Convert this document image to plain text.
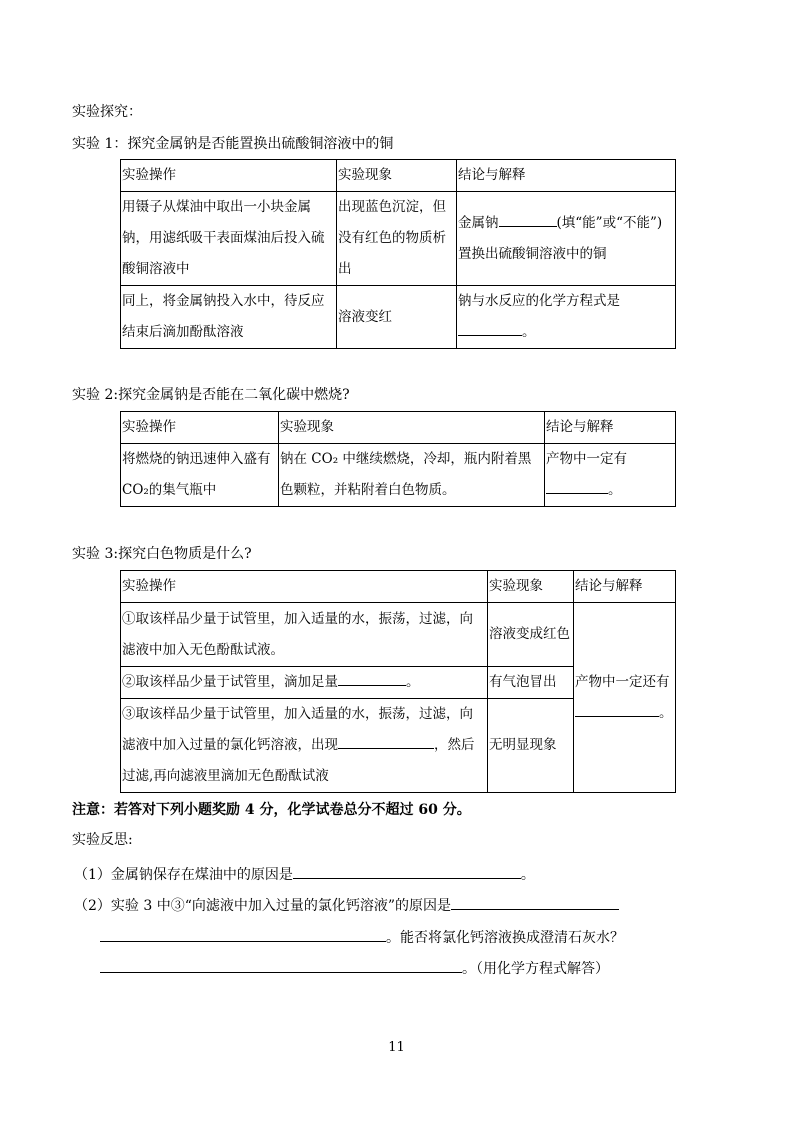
实验探究：
实验 1：探究金属钠是否能置换出硫酸铜溶液中的铜
实验操作	实验现象	结论与解释
用镊子从煤油中取出一小块金属钠，用滤纸吸干表面煤油后投入硫酸铜溶液中	出现蓝色沉淀，但没有红色的物质析出	金属钠 (填“能”或“不能”)
置换出硫酸铜溶液中的铜
同上，将金属钠投入水中，待反应结束后滴加酚酞溶液	溶液变红	钠与水反应的化学方程式是
。
实验 2:探究金属钠是否能在二氧化碳中燃烧?
实验操作	实验现象	结论与解释
将燃烧的钠迅速伸入盛有CO₂的集气瓶中	钠在 CO₂ 中继续燃烧，冷却，瓶内附着黑色颗粒，并粘附着白色物质。	产物中一定有
。
实验 3:探究白色物质是什么?
实验操作	实验现象	结论与解释
①取该样品少量于试管里，加入适量的水，振荡，过滤，向滤液中加入无色酚酞试液。	溶液变成红色	产物中一定还有
。
②取该样品少量于试管里，滴加足量 。	有气泡冒出	
③取该样品少量于试管里，加入适量的水，振荡，过滤，向滤液中加入过量的氯化钙溶液，出现 ，然后过滤,再向滤液里滴加无色酚酞试液	无明显现象	
注意：若答对下列小题奖励 4 分，化学试卷总分不超过 60 分。
实验反思:
（1）金属钠保存在煤油中的原因是	。
（2）实验 3 中③“向滤液中加入过量的氯化钙溶液”的原因是
。能否将氯化钙溶液换成澄清石灰水？
。（用化学方程式解答）
11
